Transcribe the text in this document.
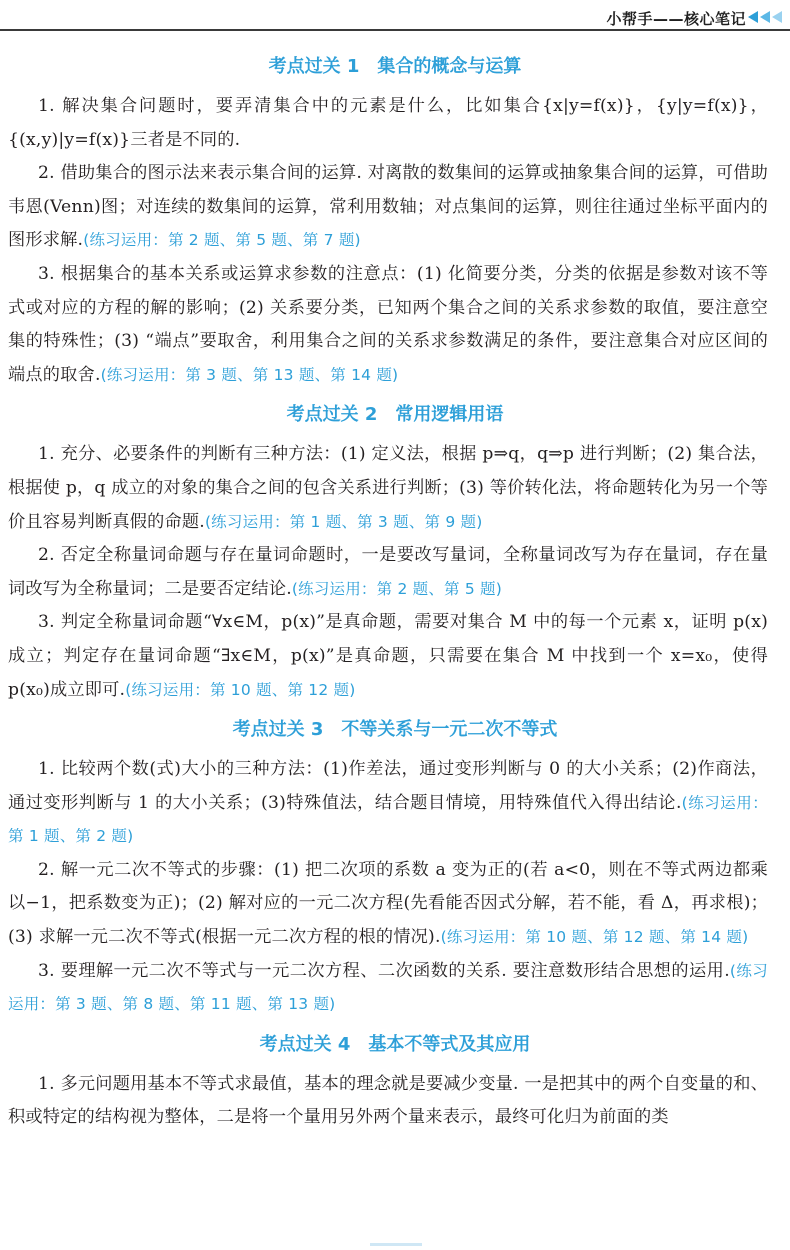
小帮手——核心笔记
考点过关 1　集合的概念与运算

1. 解决集合问题时，要弄清集合中的元素是什么，比如集合{x|y=f(x)}，{y|y=f(x)}，{(x,y)|y=f(x)}三者是不同的.

2. 借助集合的图示法来表示集合间的运算. 对离散的数集间的运算或抽象集合间的运算，可借助韦恩(Venn)图；对连续的数集间的运算，常利用数轴；对点集间的运算，则往往通过坐标平面内的图形求解.(练习运用：第 2 题、第 5 题、第 7 题)

3. 根据集合的基本关系或运算求参数的注意点：(1) 化简要分类，分类的依据是参数对该不等式或对应的方程的解的影响；(2) 关系要分类，已知两个集合之间的关系求参数的取值，要注意空集的特殊性；(3) “端点”要取舍，利用集合之间的关系求参数满足的条件，要注意集合对应区间的端点的取舍.(练习运用：第 3 题、第 13 题、第 14 题)

考点过关 2　常用逻辑用语

1. 充分、必要条件的判断有三种方法：(1) 定义法，根据 p⇒q，q⇒p 进行判断；(2) 集合法，根据使 p，q 成立的对象的集合之间的包含关系进行判断；(3) 等价转化法，将命题转化为另一个等价且容易判断真假的命题.(练习运用：第 1 题、第 3 题、第 9 题)

2. 否定全称量词命题与存在量词命题时，一是要改写量词，全称量词改写为存在量词，存在量词改写为全称量词；二是要否定结论.(练习运用：第 2 题、第 5 题)

3. 判定全称量词命题“∀x∈M，p(x)”是真命题，需要对集合 M 中的每一个元素 x，证明 p(x)成立；判定存在量词命题“∃x∈M，p(x)”是真命题，只需要在集合 M 中找到一个 x=x₀，使得 p(x₀)成立即可.(练习运用：第 10 题、第 12 题)

考点过关 3　不等关系与一元二次不等式

1. 比较两个数(式)大小的三种方法：(1)作差法，通过变形判断与 0 的大小关系；(2)作商法，通过变形判断与 1 的大小关系；(3)特殊值法，结合题目情境，用特殊值代入得出结论.(练习运用：第 1 题、第 2 题)

2. 解一元二次不等式的步骤：(1) 把二次项的系数 a 变为正的(若 a<0，则在不等式两边都乘以−1，把系数变为正)；(2) 解对应的一元二次方程(先看能否因式分解，若不能，看 Δ，再求根)；(3) 求解一元二次不等式(根据一元二次方程的根的情况).(练习运用：第 10 题、第 12 题、第 14 题)

3. 要理解一元二次不等式与一元二次方程、二次函数的关系. 要注意数形结合思想的运用.(练习运用：第 3 题、第 8 题、第 11 题、第 13 题)

考点过关 4　基本不等式及其应用

1. 多元问题用基本不等式求最值，基本的理念就是要减少变量. 一是把其中的两个自变量的和、积或特定的结构视为整体，二是将一个量用另外两个量来表示，最终可化归为前面的类
